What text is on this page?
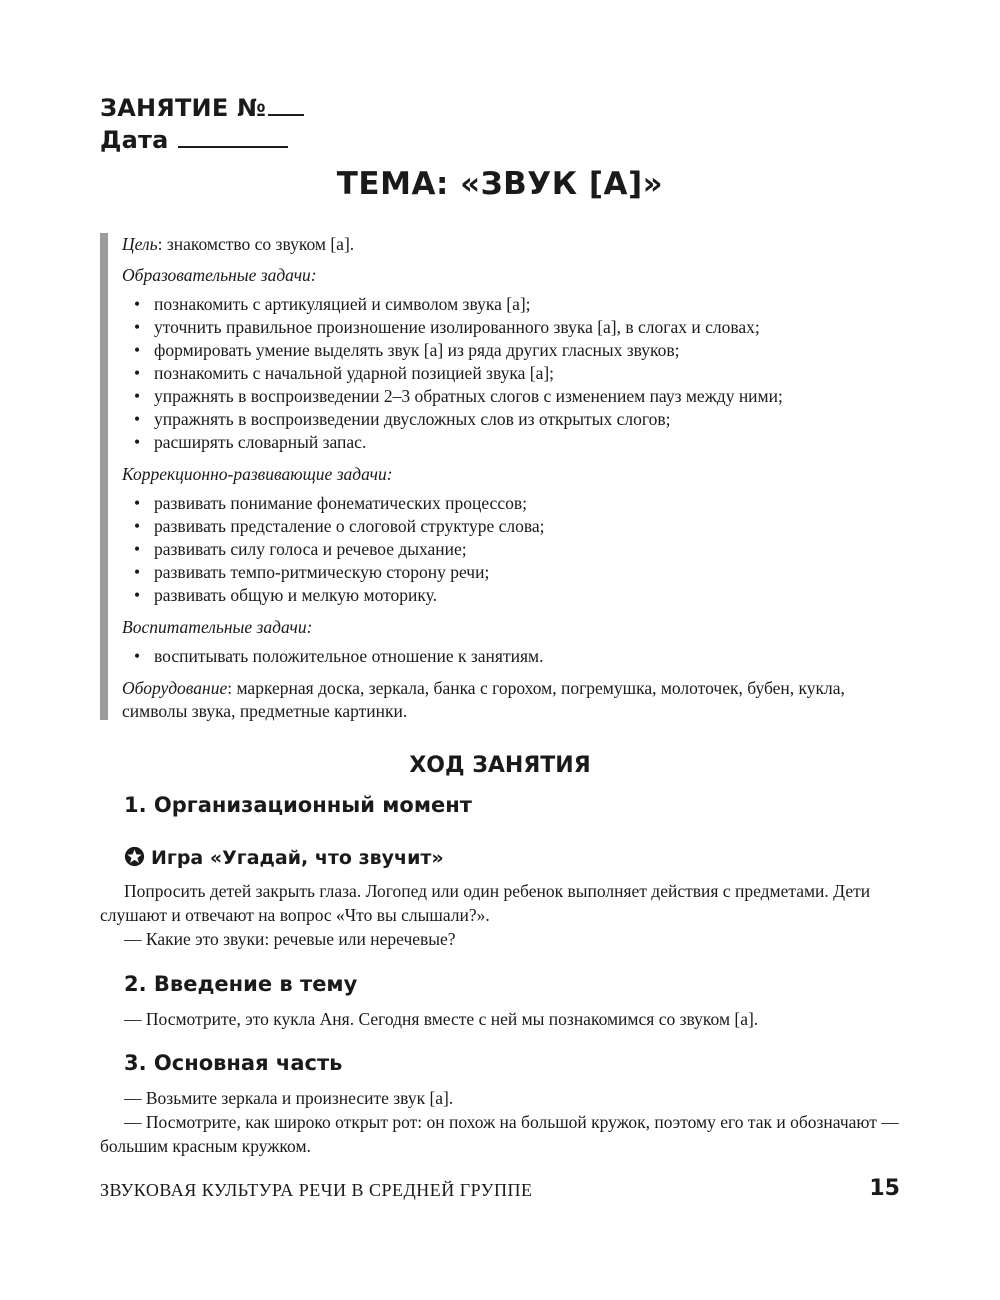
ЗАНЯТИЕ №
Дата
ТЕМА: «ЗВУК [А]»

Цель: знакомство со звуком [а].

Образовательные задачи:

• познакомить с артикуляцией и символом звука [а];
• уточнить правильное произношение изолированного звука [а], в слогах и словах;
• формировать умение выделять звук [а] из ряда других гласных звуков;
• познакомить с начальной ударной позицией звука [а];
• упражнять в воспроизведении 2–3 обратных слогов с изменением пауз между ними;
• упражнять в воспроизведении двусложных слов из открытых слогов;
• расширять словарный запас.

Коррекционно-развивающие задачи:

• развивать понимание фонематических процессов;
• развивать предсталение о слоговой структуре слова;
• развивать силу голоса и речевое дыхание;
• развивать темпо-ритмическую сторону речи;
• развивать общую и мелкую моторику.

Воспитательные задачи:

• воспитывать положительное отношение к занятиям.

Оборудование: маркерная доска, зеркала, банка с горохом, погремушка, молоточек, бубен, кукла, символы звука, предметные картинки.

ХОД ЗАНЯТИЯ
1. Организационный момент
Игра «Угадай, что звучит»

Попросить детей закрыть глаза. Логопед или один ребенок выполняет действия с предметами. Дети слушают и отвечают на вопрос «Что вы слышали?».

— Какие это звуки: речевые или неречевые?

2. Введение в тему

— Посмотрите, это кукла Аня. Сегодня вместе с ней мы познакомимся со звуком [а].

3. Основная часть

— Возьмите зеркала и произнесите звук [а].

— Посмотрите, как широко открыт рот: он похож на большой кружок, поэтому его так и обозначают — большим красным кружком.

ЗВУКОВАЯ КУЛЬТУРА РЕЧИ В СРЕДНЕЙ ГРУППЕ	15
